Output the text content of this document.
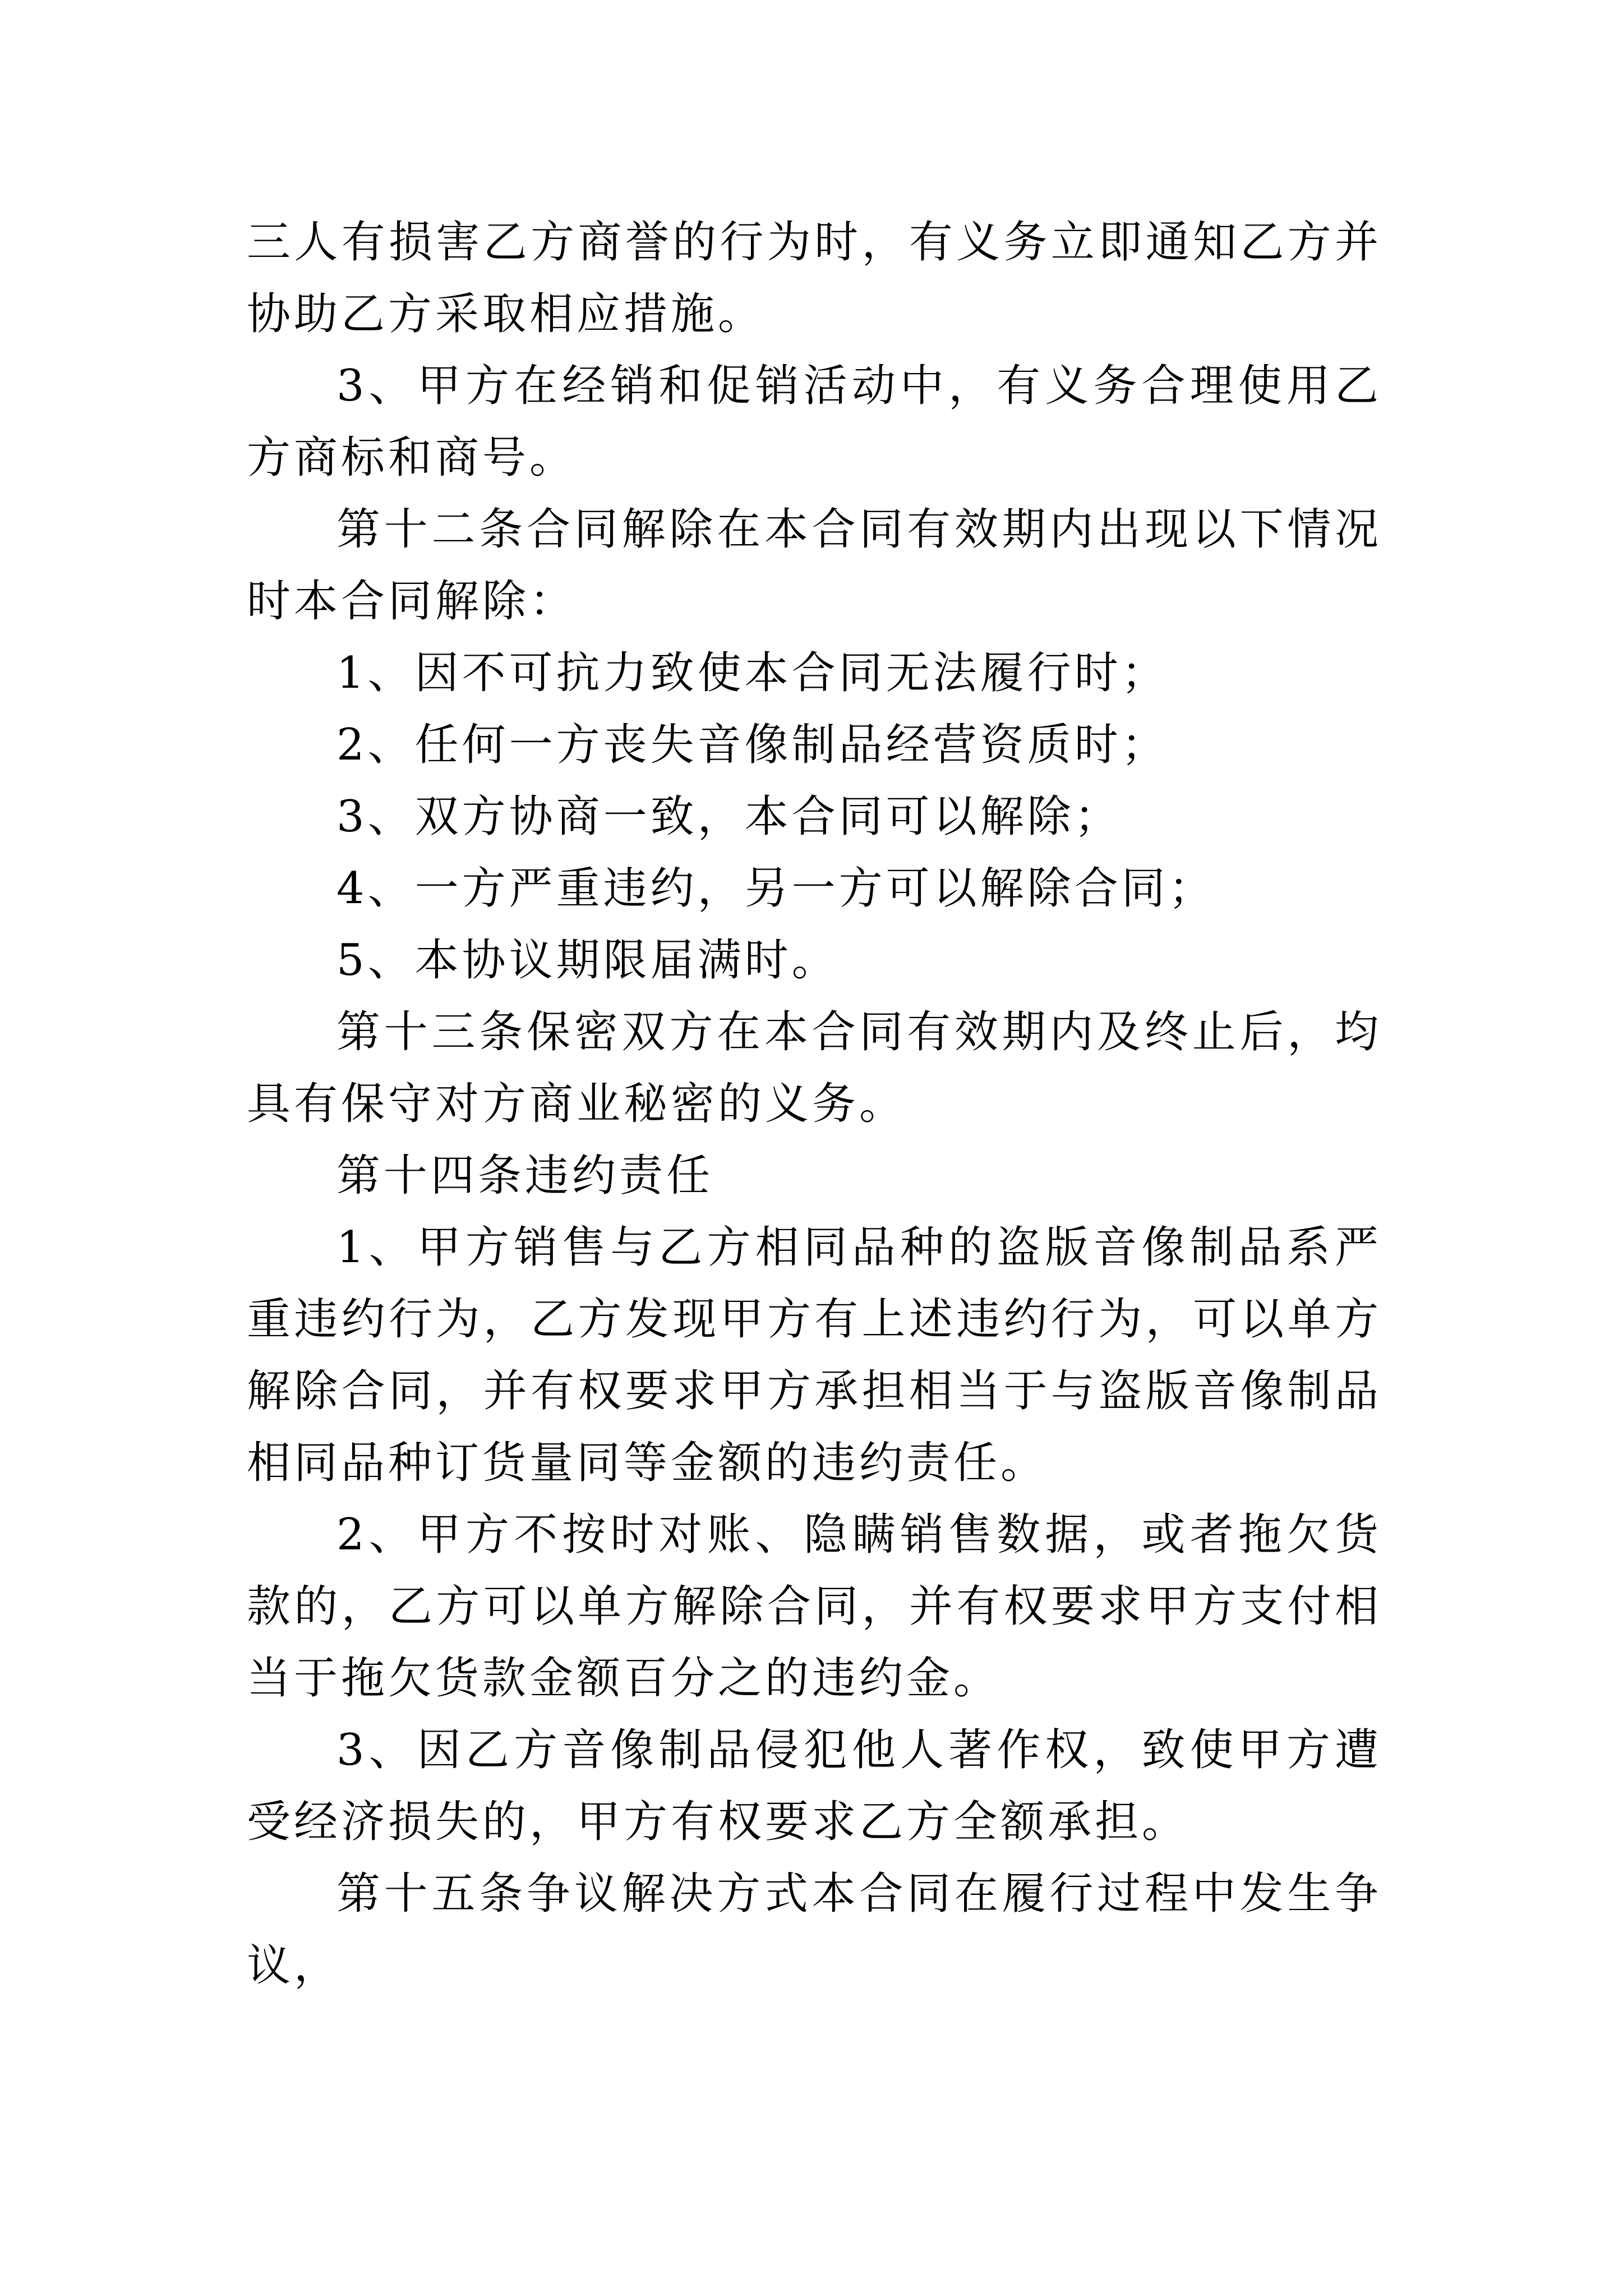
三人有损害乙方商誉的行为时，有义务立即通知乙方并协助乙方采取相应措施。

3、甲方在经销和促销活动中，有义务合理使用乙方商标和商号。

第十二条合同解除在本合同有效期内出现以下情况时本合同解除：

1、因不可抗力致使本合同无法履行时；

2、任何一方丧失音像制品经营资质时；

3、双方协商一致，本合同可以解除；

4、一方严重违约，另一方可以解除合同；

5、本协议期限届满时。

第十三条保密双方在本合同有效期内及终止后，均具有保守对方商业秘密的义务。

第十四条违约责任

1、甲方销售与乙方相同品种的盗版音像制品系严重违约行为，乙方发现甲方有上述违约行为，可以单方解除合同，并有权要求甲方承担相当于与盗版音像制品相同品种订货量同等金额的违约责任。

2、甲方不按时对账、隐瞒销售数据，或者拖欠货款的，乙方可以单方解除合同，并有权要求甲方支付相当于拖欠货款金额百分之的违约金。

3、因乙方音像制品侵犯他人著作权，致使甲方遭受经济损失的，甲方有权要求乙方全额承担。

第十五条争议解决方式本合同在履行过程中发生争议，
